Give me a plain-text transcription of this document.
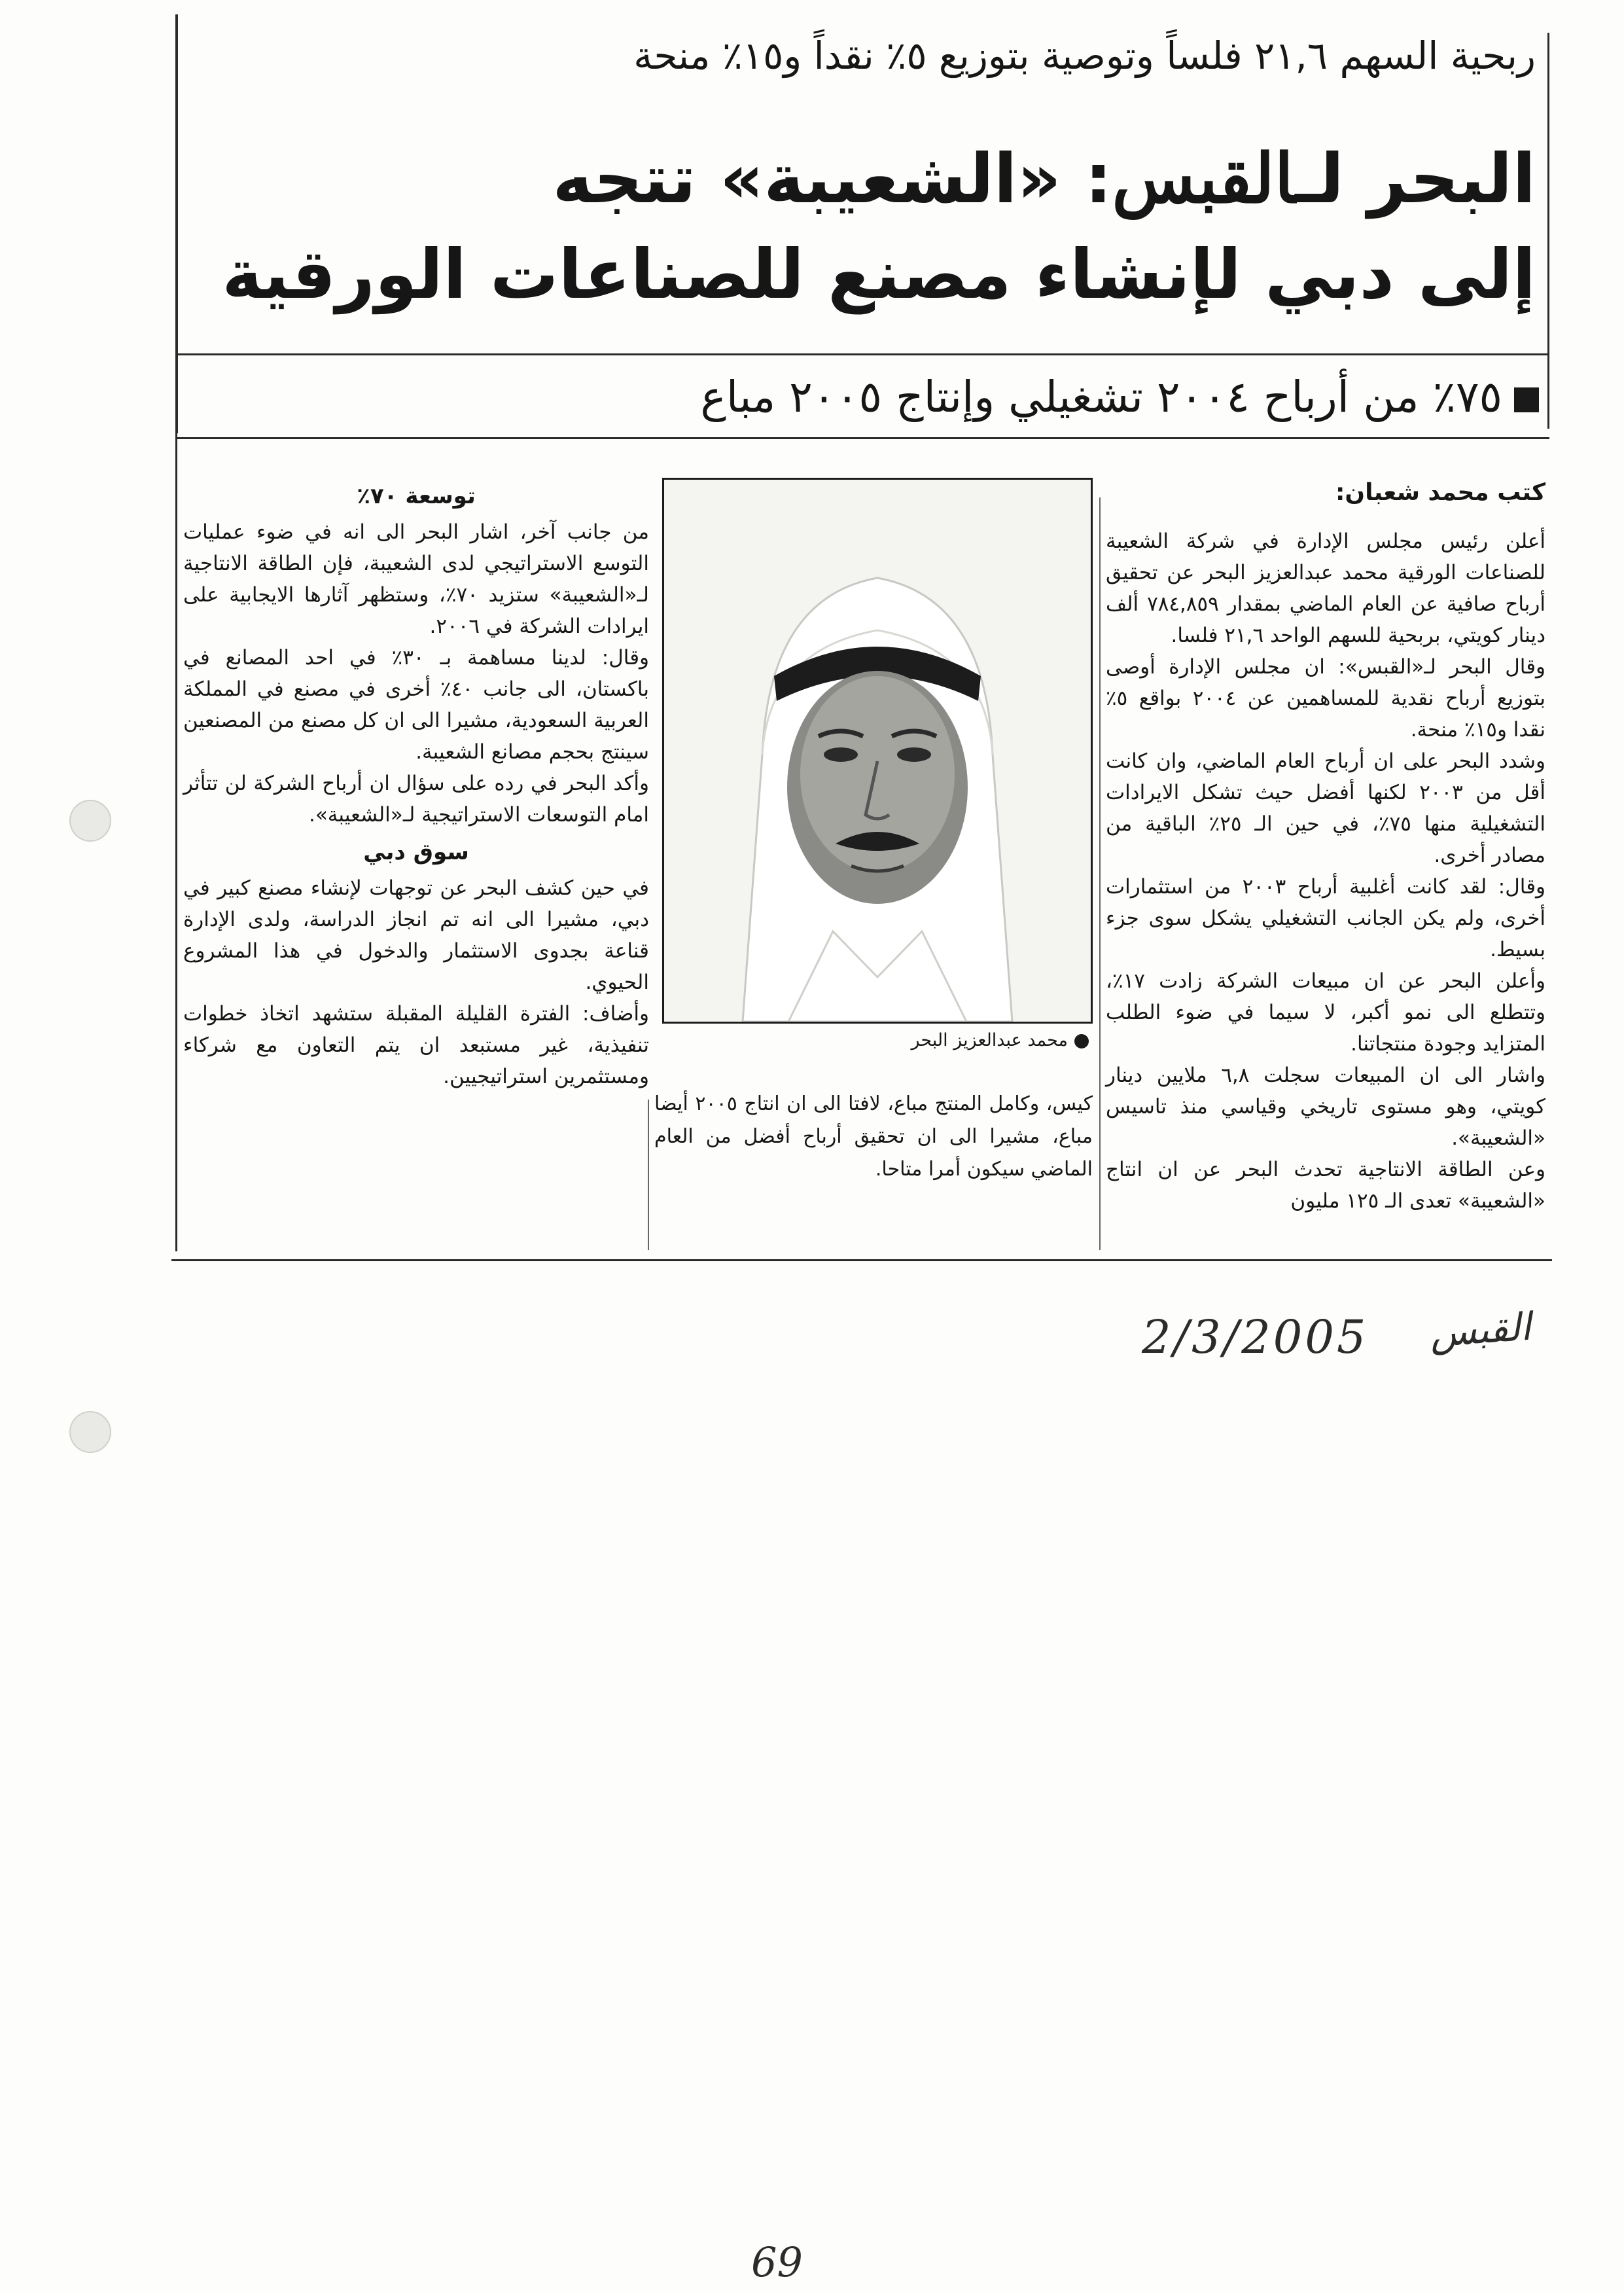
ربحية السهم ٢١,٦ فلساً وتوصية بتوزيع ٥٪ نقداً و١٥٪ منحة
البحر لـالقبس: «الشعيبة» تتجه
إلى دبي لإنشاء مصنع للصناعات الورقية
٧٥٪ من أرباح ٢٠٠٤ تشغيلي وإنتاج ٢٠٠٥ مباع
كتب محمد شعبان:

أعلن رئيس مجلس الإدارة في شركة الشعيبة للصناعات الورقية محمد عبدالعزيز البحر عن تحقيق أرباح صافية عن العام الماضي بمقدار ٧٨٤,٨٥٩ ألف دينار كويتي، بربحية للسهم الواحد ٢١,٦ فلسا.

وقال البحر لـ«القبس»: ان مجلس الإدارة أوصى بتوزيع أرباح نقدية للمساهمين عن ٢٠٠٤ بواقع ٥٪ نقدا و١٥٪ منحة.

وشدد البحر على ان أرباح العام الماضي، وان كانت أقل من ٢٠٠٣ لكنها أفضل حيث تشكل الايرادات التشغيلية منها ٧٥٪، في حين الـ ٢٥٪ الباقية من مصادر أخرى.

وقال: لقد كانت أغلبية أرباح ٢٠٠٣ من استثمارات أخرى، ولم يكن الجانب التشغيلي يشكل سوى جزء بسيط.

وأعلن البحر عن ان مبيعات الشركة زادت ١٧٪، وتتطلع الى نمو أكبر، لا سيما في ضوء الطلب المتزايد وجودة منتجاتنا.

واشار الى ان المبيعات سجلت ٦,٨ ملايين دينار كويتي، وهو مستوى تاريخي وقياسي منذ تاسيس «الشعيبة».

وعن الطاقة الانتاجية تحدث البحر عن ان انتاج «الشعيبة» تعدى الـ ١٢٥ مليون

محمد عبدالعزيز البحر

كيس، وكامل المنتج مباع، لافتا الى ان انتاج ٢٠٠٥ أيضا مباع، مشيرا الى ان تحقيق أرباح أفضل من العام الماضي سيكون أمرا متاحا.

توسعة ٧٠٪

من جانب آخر، اشار البحر الى انه في ضوء عمليات التوسع الاستراتيجي لدى الشعيبة، فإن الطاقة الانتاجية لـ«الشعيبة» ستزيد ٧٠٪، وستظهر آثارها الايجابية على ايرادات الشركة في ٢٠٠٦.

وقال: لدينا مساهمة بـ ٣٠٪ في احد المصانع في باكستان، الى جانب ٤٠٪ أخرى في مصنع في المملكة العربية السعودية، مشيرا الى ان كل مصنع من المصنعين سينتج بحجم مصانع الشعيبة.

وأكد البحر في رده على سؤال ان أرباح الشركة لن تتأثر امام التوسعات الاستراتيجية لـ«الشعيبة».

سوق دبي

في حين كشف البحر عن توجهات لإنشاء مصنع كبير في دبي، مشيرا الى انه تم انجاز الدراسة، ولدى الإدارة قناعة بجدوى الاستثمار والدخول في هذا المشروع الحيوي.

وأضاف: الفترة القليلة المقبلة ستشهد اتخاذ خطوات تنفيذية، غير مستبعد ان يتم التعاون مع شركاء ومستثمرين استراتيجيين.

القبس
2/3/2005
69
